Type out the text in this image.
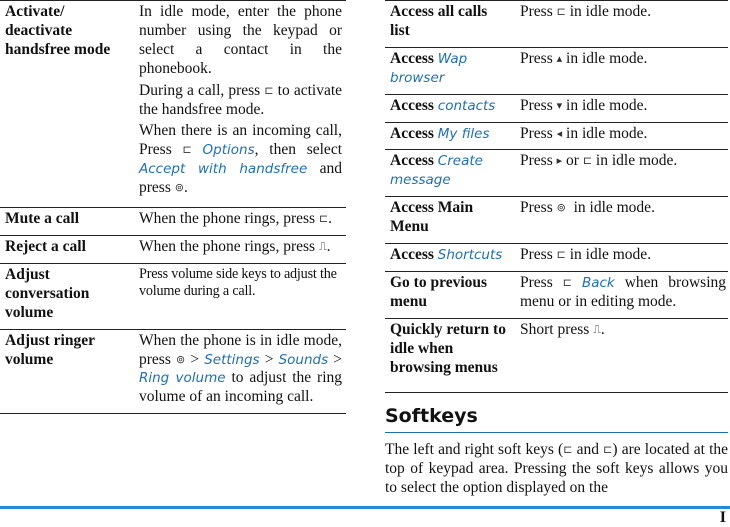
Activate/ deactivate handsfree mode	In idle mode, enter the phone number using the keypad or select a contact in the phonebook.
During a call, press ⊏ to activate the handsfree mode.
When there is an incoming call, Press ⊏ Options, then select Accept with handsfree and press ⊚.

Mute a call	When the phone rings, press ⊏.
Reject a call	When the phone rings, press ⎍.
Adjust conversation volume	Press volume side keys to adjust the volume during a call.
Adjust ringer volume	When the phone is in idle mode, press ⊚ > Settings > Sounds > Ring volume to adjust the ring volume of an incoming call.
Access all calls list	Press ⊏ in idle mode.
Access Wap browser	Press ▴ in idle mode.
Access contacts	Press ▾ in idle mode.
Access My files	Press ◂ in idle mode.
Access Create message	Press ▸ or ⊏ in idle mode.
Access Main Menu	Press ⊚ in idle mode.
Access Shortcuts	Press ⊏ in idle mode.
Go to previous menu	Press ⊏ Back when browsing menu or in editing mode.
Quickly return to idle when browsing menus	Short press ⎍.
Softkeys

The left and right soft keys (⊏ and ⊏) are located at the top of keypad area. Pressing the soft keys allows you to select the option displayed on the

I
